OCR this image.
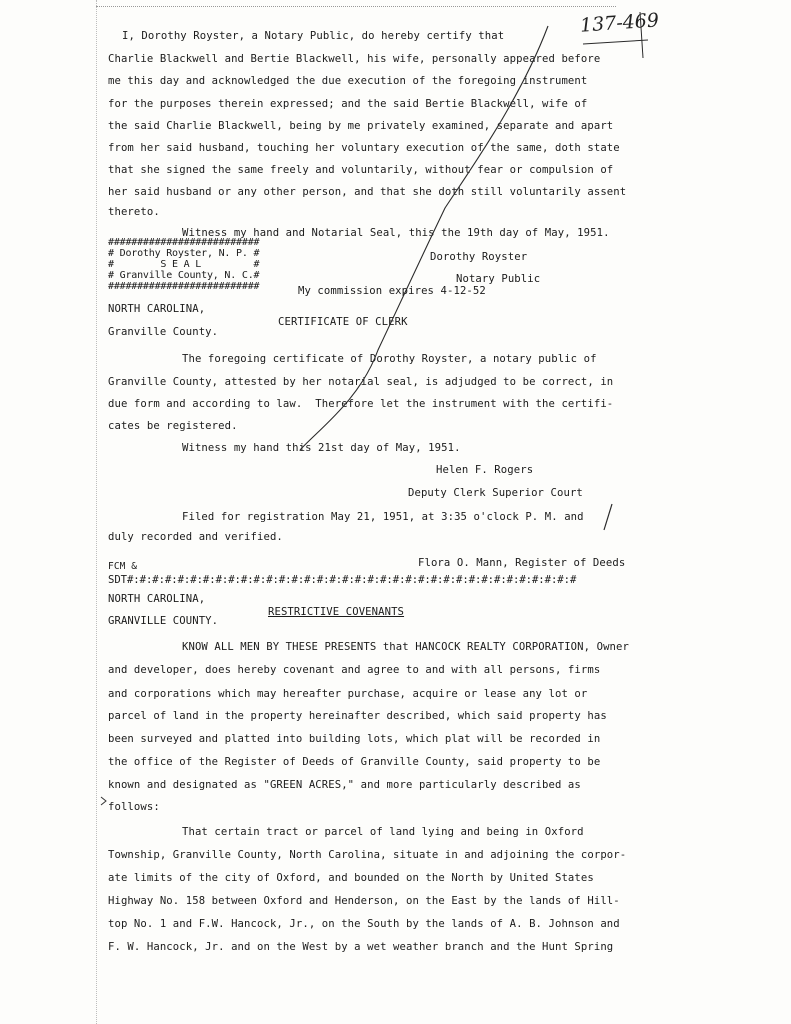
137-469
I, Dorothy Royster, a Notary Public, do hereby certify that
Charlie Blackwell and Bertie Blackwell, his wife, personally appeared before
me this day and acknowledged the due execution of the foregoing instrument
for the purposes therein expressed; and the said Bertie Blackwell, wife of
the said Charlie Blackwell, being by me privately examined, separate and apart
from her said husband, touching her voluntary execution of the same, doth state
that she signed the same freely and voluntarily, without fear or compulsion of
her said husband or any other person, and that she doth still voluntarily assent
thereto.
Witness my hand and Notarial Seal, this the 19th day of May, 1951.
##########################
# Dorothy Royster, N. P. #
#        S E A L         #
# Granville County, N. C.#
##########################
Dorothy Royster
Notary Public
My commission expires 4-12-52
NORTH CAROLINA,
CERTIFICATE OF CLERK
Granville County.
The foregoing certificate of Dorothy Royster, a notary public of
Granville County, attested by her notarial seal, is adjudged to be correct, in
due form and according to law.  Therefore let the instrument with the certifi-
cates be registered.
Witness my hand this 21st day of May, 1951.
Helen F. Rogers
Deputy Clerk Superior Court
Filed for registration May 21, 1951, at 3:35 o'clock P. M. and
duly recorded and verified.
Flora O. Mann, Register of Deeds
FCM &
SDT#:#:#:#:#:#:#:#:#:#:#:#:#:#:#:#:#:#:#:#:#:#:#:#:#:#:#:#:#:#:#:#:#:#:#:#
NORTH CAROLINA,
RESTRICTIVE COVENANTS
GRANVILLE COUNTY.
KNOW ALL MEN BY THESE PRESENTS that HANCOCK REALTY CORPORATION, Owner
and developer, does hereby covenant and agree to and with all persons, firms
and corporations which may hereafter purchase, acquire or lease any lot or
parcel of land in the property hereinafter described, which said property has
been surveyed and platted into building lots, which plat will be recorded in
the office of the Register of Deeds of Granville County, said property to be
known and designated as "GREEN ACRES," and more particularly described as
follows:
That certain tract or parcel of land lying and being in Oxford
Township, Granville County, North Carolina, situate in and adjoining the corpor-
ate limits of the city of Oxford, and bounded on the North by United States
Highway No. 158 between Oxford and Henderson, on the East by the lands of Hill-
top No. 1 and F.W. Hancock, Jr., on the South by the lands of A. B. Johnson and
F. W. Hancock, Jr. and on the West by a wet weather branch and the Hunt Spring
